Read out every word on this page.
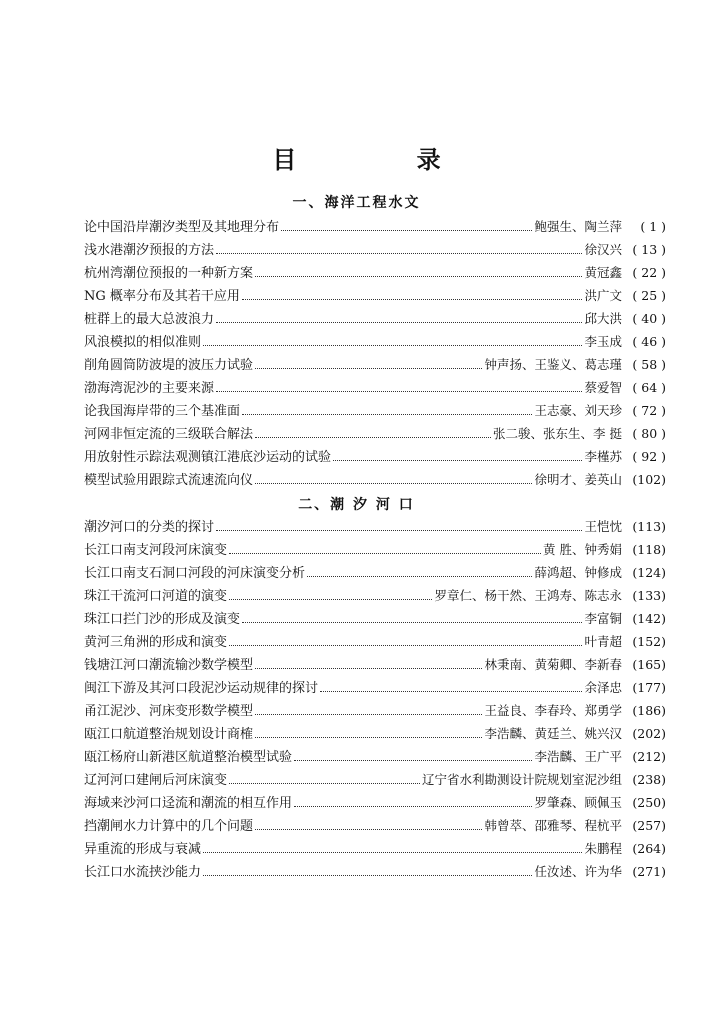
目 录
一、海洋工程水文
论中国沿岸潮汐类型及其地理分布	鲍强生、陶兰萍	( 1 )
浅水港潮汐预报的方法	徐汉兴 ( 13 )
杭州湾潮位预报的一种新方案	黄冠鑫 ( 22 )
NG 概率分布及其若干应用	洪广文 ( 25 )
桩群上的最大总波浪力	邱大洪 ( 40 )
风浪模拟的相似准则	李玉成 ( 46 )
削角圆筒防波堤的波压力试验	钟声扬、王鉴义、葛志瑾 ( 58 )
渤海湾泥沙的主要来源	蔡爱智 ( 64 )
论我国海岸带的三个基准面	王志豪、刘天珍 ( 72 )
河网非恒定流的三级联合解法	张二骏、张东生、李 挺 ( 80 )
用放射性示踪法观测镇江港底沙运动的试验	李槿苏 ( 92 )
模型试验用跟踪式流速流向仪	徐明才、姜英山 (102)
二、潮 汐 河 口
潮汐河口的分类的探讨	王恺忱 (113)
长江口南支河段河床演变	黄 胜、钟秀娟 (118)
长江口南支石洞口河段的河床演变分析	薛鸿超、钟修成 (124)
珠江干流河口河道的演变	罗章仁、杨干然、王鸿寿、陈志永 (133)
珠江口拦门沙的形成及演变	李富铜 (142)
黄河三角洲的形成和演变	叶青超 (152)
钱塘江河口潮流输沙数学模型	林秉南、黄菊卿、李新春 (165)
闽江下游及其河口段泥沙运动规律的探讨	余泽忠 (177)
甬江泥沙、河床变形数学模型	王益良、李春玲、郑勇学 (186)
瓯江口航道整治规划设计商榷	李浩麟、黄廷兰、姚兴汉 (202)
瓯江杨府山新港区航道整治模型试验	李浩麟、王广平 (212)
辽河河口建闸后河床演变	辽宁省水利勘测设计院规划室泥沙组 (238)
海域来沙河口迳流和潮流的相互作用	罗肇森、顾佩玉 (250)
挡潮闸水力计算中的几个问题	韩曾萃、邵雅琴、程杭平 (257)
异重流的形成与衰减	朱鹏程 (264)
长江口水流挟沙能力	任汝述、许为华 (271)
